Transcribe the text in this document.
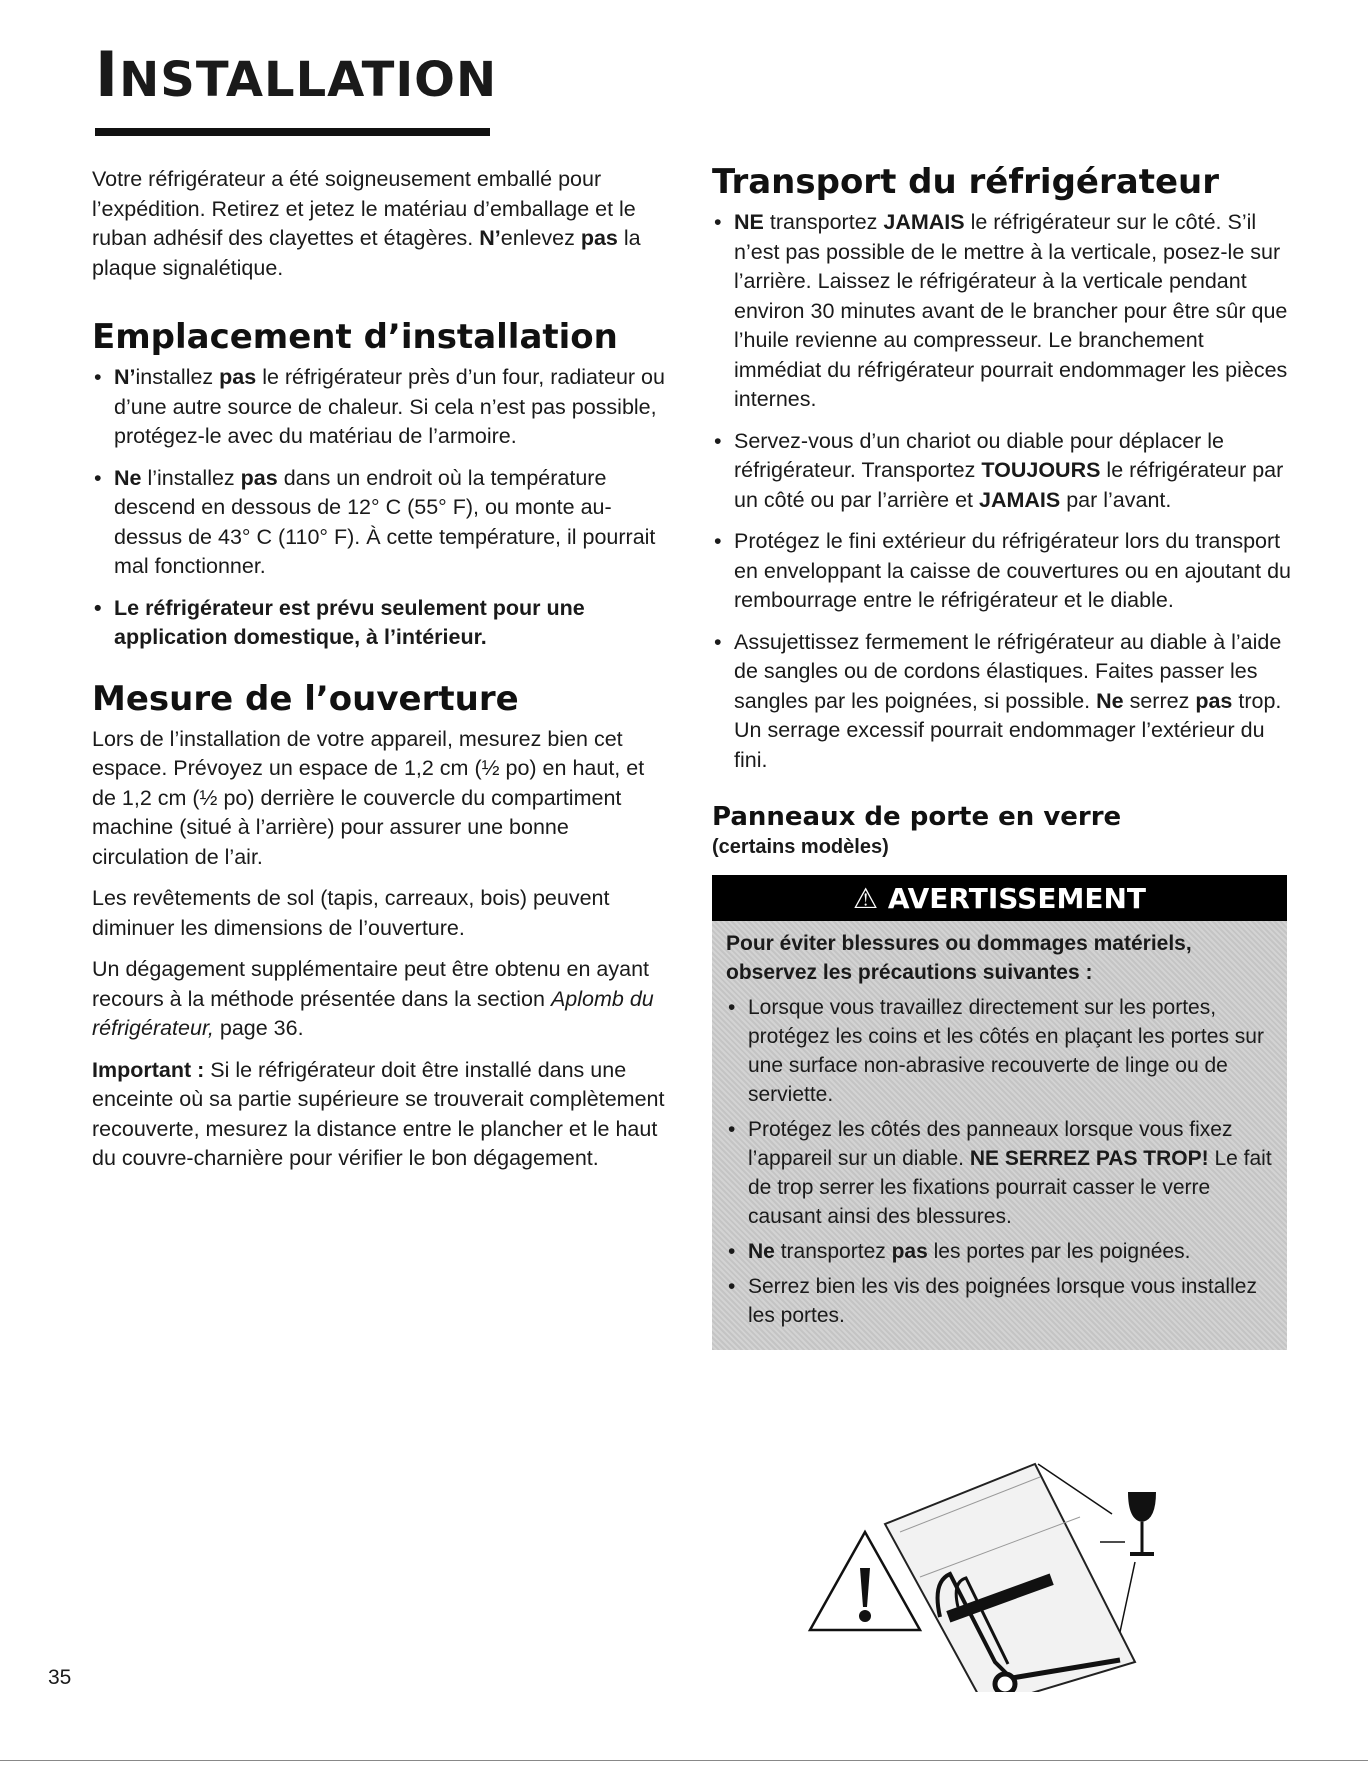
INSTALLATION

Votre réfrigérateur a été soigneusement emballé pour l’expédition. Retirez et jetez le matériau d’emballage et le ruban adhésif des clayettes et étagères. N’enlevez pas la plaque signalétique.

Emplacement d’installation
• N’installez pas le réfrigérateur près d’un four, radiateur ou d’une autre source de chaleur. Si cela n’est pas possible, protégez-le avec du matériau de l’armoire.
• Ne l’installez pas dans un endroit où la température descend en dessous de 12° C (55° F), ou monte au-dessus de 43° C (110° F). À cette température, il pourrait mal fonctionner.
• Le réfrigérateur est prévu seulement pour une application domestique, à l’intérieur.
Mesure de l’ouverture

Lors de l’installation de votre appareil, mesurez bien cet espace. Prévoyez un espace de 1,2 cm (½ po) en haut, et de 1,2 cm (½ po) derrière le couvercle du compartiment machine (situé à l’arrière) pour assurer une bonne circulation de l’air.

Les revêtements de sol (tapis, carreaux, bois) peuvent diminuer les dimensions de l’ouverture.

Un dégagement supplémentaire peut être obtenu en ayant recours à la méthode présentée dans la section Aplomb du réfrigérateur, page 36.

Important : Si le réfrigérateur doit être installé dans une enceinte où sa partie supérieure se trouverait complètement recouverte, mesurez la distance entre le plancher et le haut du couvre-charnière pour vérifier le bon dégagement.

Transport du réfrigérateur
• NE transportez JAMAIS le réfrigérateur sur le côté. S’il n’est pas possible de le mettre à la verticale, posez-le sur l’arrière. Laissez le réfrigérateur à la verticale pendant environ 30 minutes avant de le brancher pour être sûr que l’huile revienne au compresseur. Le branchement immédiat du réfrigérateur pourrait endommager les pièces internes.
• Servez-vous d’un chariot ou diable pour déplacer le réfrigérateur. Transportez TOUJOURS le réfrigérateur par un côté ou par l’arrière et JAMAIS par l’avant.
• Protégez le fini extérieur du réfrigérateur lors du transport en enveloppant la caisse de couvertures ou en ajoutant du rembourrage entre le réfrigérateur et le diable.
• Assujettissez fermement le réfrigérateur au diable à l’aide de sangles ou de cordons élastiques. Faites passer les sangles par les poignées, si possible. Ne serrez pas trop. Un serrage excessif pourrait endommager l’extérieur du fini.
Panneaux de porte en verre

(certains modèles)

⚠ AVERTISSEMENT

Pour éviter blessures ou dommages matériels, observez les précautions suivantes :

• Lorsque vous travaillez directement sur les portes, protégez les coins et les côtés en plaçant les portes sur une surface non-abrasive recouverte de linge ou de serviette.
• Protégez les côtés des panneaux lorsque vous fixez l’appareil sur un diable. NE SERREZ PAS TROP! Le fait de trop serrer les fixations pourrait casser le verre causant ainsi des blessures.
• Ne transportez pas les portes par les poignées.
• Serrez bien les vis des poignées lorsque vous installez les portes.
35
